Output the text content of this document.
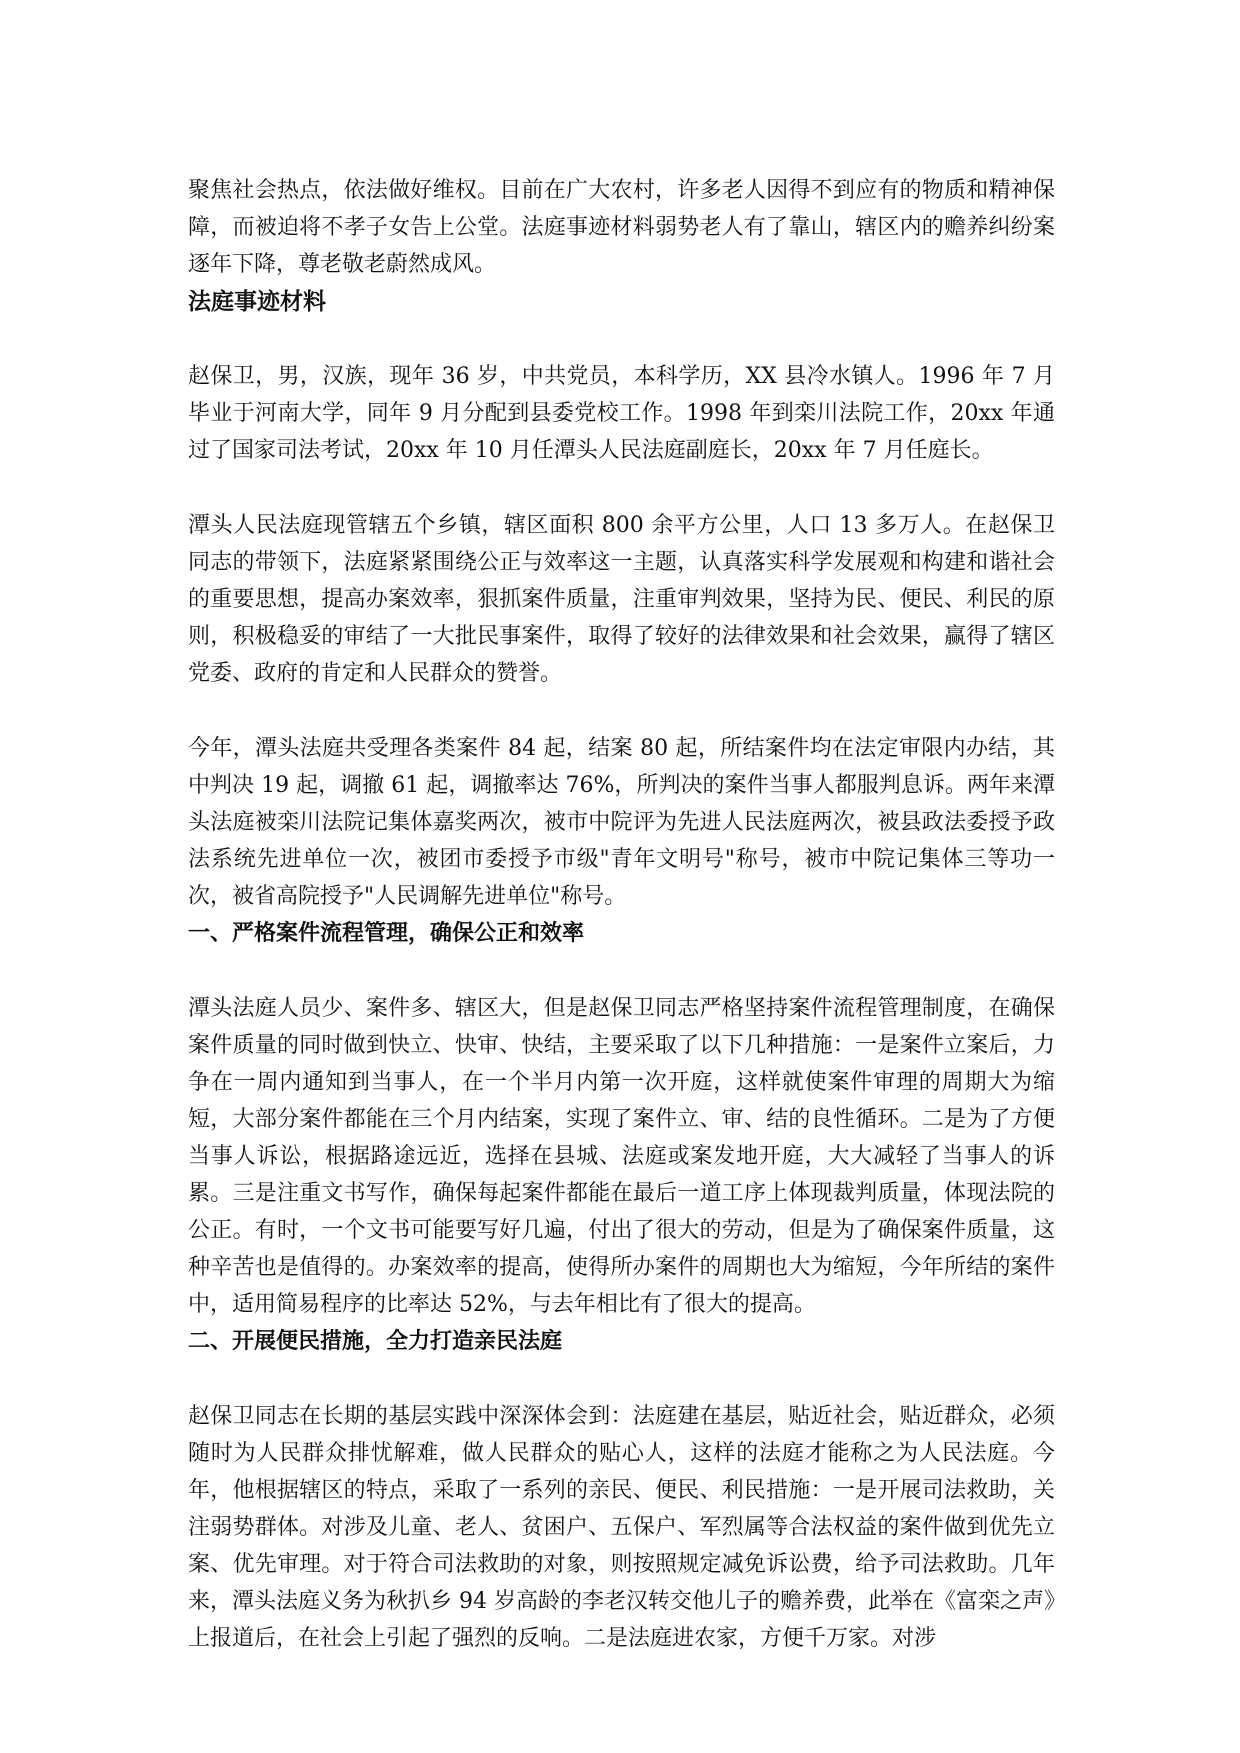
聚焦社会热点，依法做好维权。目前在广大农村，许多老人因得不到应有的物质和精神保障，而被迫将不孝子女告上公堂。法庭事迹材料弱势老人有了靠山，辖区内的赡养纠纷案逐年下降，尊老敬老蔚然成风。

法庭事迹材料

赵保卫，男，汉族，现年 36 岁，中共党员，本科学历，XX 县冷水镇人。1996 年 7 月毕业于河南大学，同年 9 月分配到县委党校工作。1998 年到栾川法院工作，20xx 年通过了国家司法考试，20xx 年 10 月任潭头人民法庭副庭长，20xx 年 7 月任庭长。

潭头人民法庭现管辖五个乡镇，辖区面积 800 余平方公里，人口 13 多万人。在赵保卫同志的带领下，法庭紧紧围绕公正与效率这一主题，认真落实科学发展观和构建和谐社会的重要思想，提高办案效率，狠抓案件质量，注重审判效果，坚持为民、便民、利民的原则，积极稳妥的审结了一大批民事案件，取得了较好的法律效果和社会效果，赢得了辖区党委、政府的肯定和人民群众的赞誉。

今年，潭头法庭共受理各类案件 84 起，结案 80 起，所结案件均在法定审限内办结，其中判决 19 起，调撤 61 起，调撤率达 76%，所判决的案件当事人都服判息诉。两年来潭头法庭被栾川法院记集体嘉奖两次，被市中院评为先进人民法庭两次，被县政法委授予政法系统先进单位一次，被团市委授予市级"青年文明号"称号，被市中院记集体三等功一次，被省高院授予"人民调解先进单位"称号。

一、严格案件流程管理，确保公正和效率

潭头法庭人员少、案件多、辖区大，但是赵保卫同志严格坚持案件流程管理制度，在确保案件质量的同时做到快立、快审、快结，主要采取了以下几种措施：一是案件立案后，力争在一周内通知到当事人，在一个半月内第一次开庭，这样就使案件审理的周期大为缩短，大部分案件都能在三个月内结案，实现了案件立、审、结的良性循环。二是为了方便当事人诉讼，根据路途远近，选择在县城、法庭或案发地开庭，大大减轻了当事人的诉累。三是注重文书写作，确保每起案件都能在最后一道工序上体现裁判质量，体现法院的公正。有时，一个文书可能要写好几遍，付出了很大的劳动，但是为了确保案件质量，这种辛苦也是值得的。办案效率的提高，使得所办案件的周期也大为缩短，今年所结的案件中，适用简易程序的比率达 52%，与去年相比有了很大的提高。

二、开展便民措施，全力打造亲民法庭

赵保卫同志在长期的基层实践中深深体会到：法庭建在基层，贴近社会，贴近群众，必须随时为人民群众排忧解难，做人民群众的贴心人，这样的法庭才能称之为人民法庭。今年，他根据辖区的特点，采取了一系列的亲民、便民、利民措施：一是开展司法救助，关注弱势群体。对涉及儿童、老人、贫困户、五保户、军烈属等合法权益的案件做到优先立案、优先审理。对于符合司法救助的对象，则按照规定减免诉讼费，给予司法救助。几年来，潭头法庭义务为秋扒乡 94 岁高龄的李老汉转交他儿子的赡养费，此举在《富栾之声》上报道后，在社会上引起了强烈的反响。二是法庭进农家，方便千万家。对涉
